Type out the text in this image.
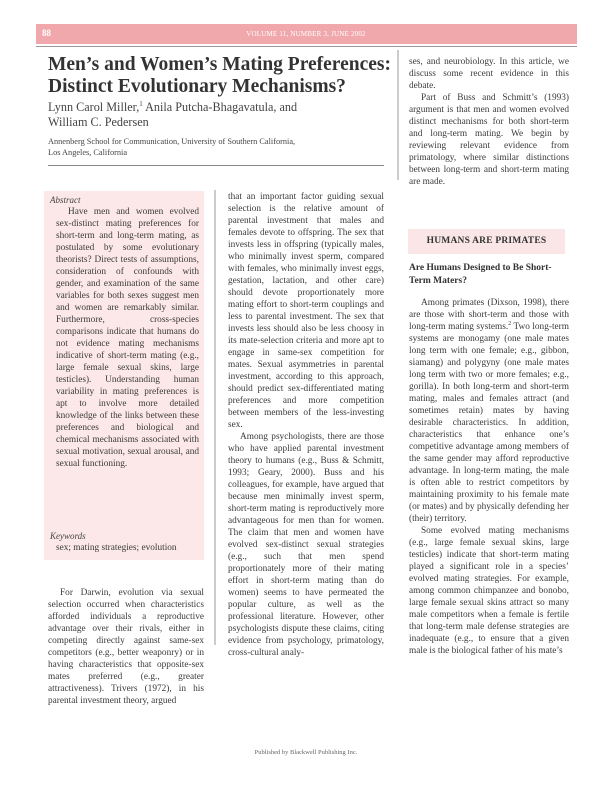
88	VOLUME 11, NUMBER 3, JUNE 2002
Men’s and Women’s Mating Preferences:
Distinct Evolutionary Mechanisms?
Lynn Carol Miller,$^1$ Anila Putcha-Bhagavatula, and
William C. Pedersen
Annenberg School for Communication, University of Southern California,
Los Angeles, California
Abstract
Have men and women evolved sex-distinct mating preferences for short-term and long-term mating, as postulated by some evolutionary theorists? Direct tests of assumptions, consideration of confounds with gender, and examination of the same variables for both sexes suggest men and women are remarkably similar. Furthermore, cross-species comparisons indicate that humans do not evidence mating mechanisms indicative of short-term mating (e.g., large female sexual skins, large testicles). Understanding human variability in mating preferences is apt to involve more detailed knowledge of the links between these preferences and biological and chemical mechanisms associated with sexual motivation, sexual arousal, and sexual functioning.
Keywords
sex; mating strategies; evolution

For Darwin, evolution via sexual selection occurred when characteristics afforded individuals a reproductive advantage over their rivals, either in competing directly against same-sex competitors (e.g., better weaponry) or in having characteristics that opposite-sex mates preferred (e.g., greater attractiveness). Trivers (1972), in his parental investment theory, argued

that an important factor guiding sexual selection is the relative amount of parental investment that males and females devote to offspring. The sex that invests less in offspring (typically males, who minimally invest sperm, compared with females, who minimally invest eggs, gestation, lactation, and other care) should devote proportionately more mating effort to short-term couplings and less to parental investment. The sex that invests less should also be less choosy in its mate-selection criteria and more apt to engage in same-sex competition for mates. Sexual asymmetries in parental investment, according to this approach, should predict sex-differentiated mating preferences and more competition between members of the less-investing sex.

Among psychologists, there are those who have applied parental investment theory to humans (e.g., Buss & Schmitt, 1993; Geary, 2000). Buss and his colleagues, for example, have argued that because men minimally invest sperm, short-term mating is reproductively more advantageous for men than for women. The claim that men and women have evolved sex-distinct sexual strategies (e.g., such that men spend proportionately more of their mating effort in short-term mating than do women) seems to have permeated the popular culture, as well as the professional literature. However, other psychologists dispute these claims, citing evidence from psychology, primatology, cross-cultural analy-

ses, and neurobiology. In this article, we discuss some recent evidence in this debate.

Part of Buss and Schmitt’s (1993) argument is that men and women evolved distinct mechanisms for both short-term and long-term mating. We begin by reviewing relevant evidence from primatology, where similar distinctions between long-term and short-term mating are made.

HUMANS ARE PRIMATES
Are Humans Designed to Be Short-Term Maters?

Among primates (Dixson, 1998), there are those with short-term and those with long-term mating systems.$^2$ Two long-term systems are monogamy (one male mates long term with one female; e.g., gibbon, siamang) and polygyny (one male mates long term with two or more females; e.g., gorilla). In both long-term and short-term mating, males and females attract (and sometimes retain) mates by having desirable characteristics. In addition, characteristics that enhance one’s competitive advantage among members of the same gender may afford reproductive advantage. In long-term mating, the male is often able to restrict competitors by maintaining proximity to his female mate (or mates) and by physically defending her (their) territory.

Some evolved mating mechanisms (e.g., large female sexual skins, large testicles) indicate that short-term mating played a significant role in a species’ evolved mating strategies. For example, among common chimpanzee and bonobo, large female sexual skins attract so many male competitors when a female is fertile that long-term male defense strategies are inadequate (e.g., to ensure that a given male is the biological father of his mate’s

Published by Blackwell Publishing Inc.
